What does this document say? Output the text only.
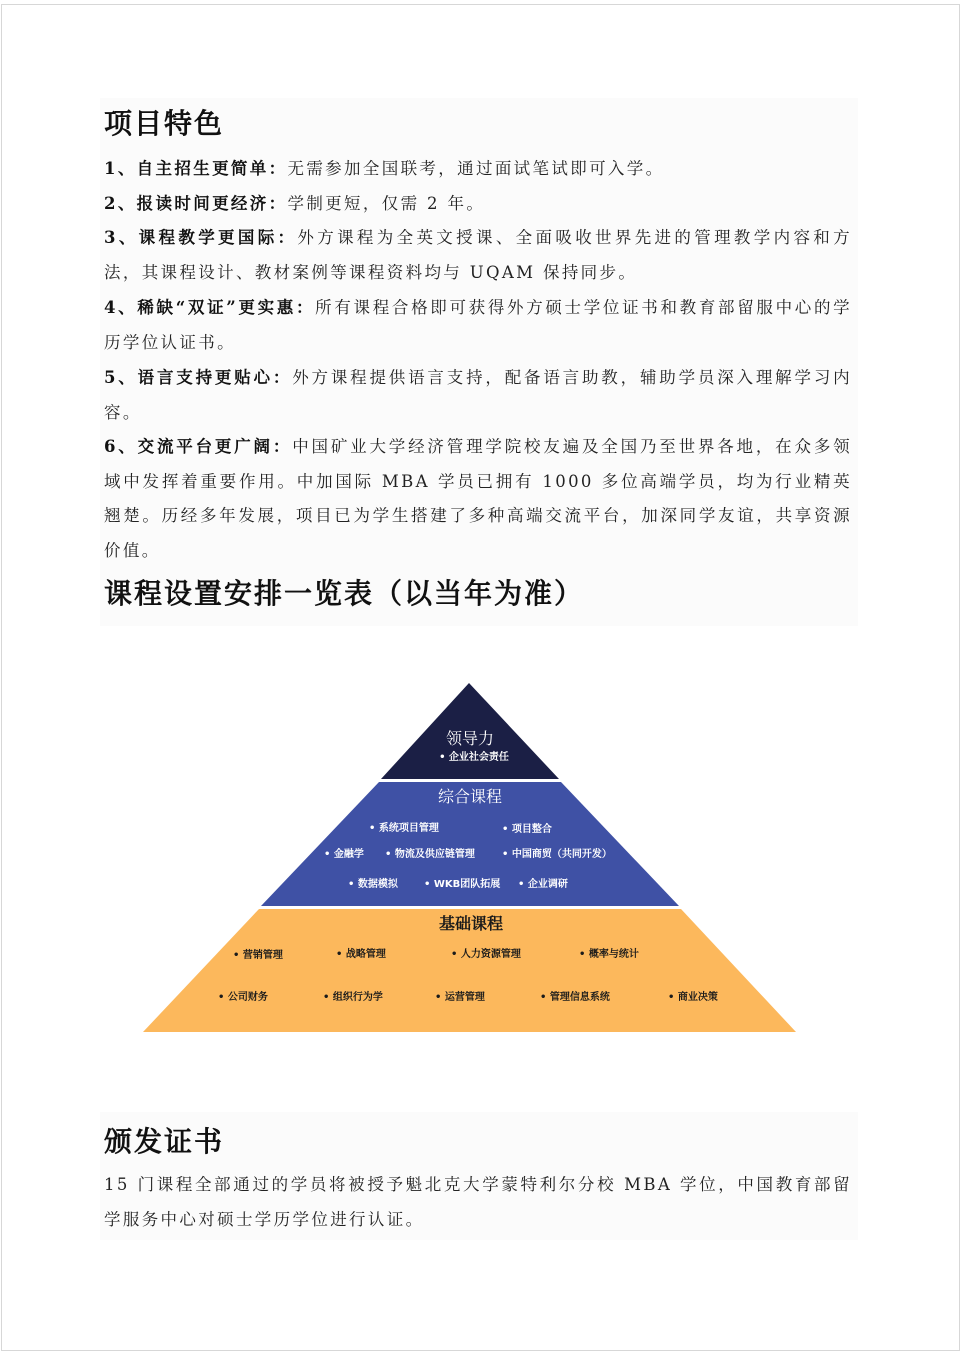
项目特色
1、自主招生更简单：无需参加全国联考，通过面试笔试即可入学。
2、报读时间更经济：学制更短，仅需 2 年。
3、课程教学更国际：外方课程为全英文授课、全面吸收世界先进的管理教学内容和方法，其课程设计、教材案例等课程资料均与 UQAM 保持同步。
4、稀缺“双证”更实惠：所有课程合格即可获得外方硕士学位证书和教育部留服中心的学历学位认证书。
5、语言支持更贴心：外方课程提供语言支持，配备语言助教，辅助学员深入理解学习内容。
6、交流平台更广阔：中国矿业大学经济管理学院校友遍及全国乃至世界各地，在众多领域中发挥着重要作用。中加国际 MBA 学员已拥有 1000 多位高端学员，均为行业精英翘楚。历经多年发展，项目已为学生搭建了多种高端交流平台，加深同学友谊，共享资源价值。
课程设置安排一览表（以当年为准）
领导力
• 企业社会责任
综合课程
• 系统项目管理	• 项目整合
• 金融学 • 物流及供应链管理	• 中国商贸（共同开发）
• 数据模拟	• WKB团队拓展 • 企业调研
基础课程
• 营销管理	• 战略管理	• 人力资源管理	• 概率与统计
• 公司财务	• 组织行为学	• 运营管理	• 管理信息系统	• 商业决策
颁发证书
15 门课程全部通过的学员将被授予魁北克大学蒙特利尔分校 MBA 学位，中国教育部留学服务中心对硕士学历学位进行认证。
